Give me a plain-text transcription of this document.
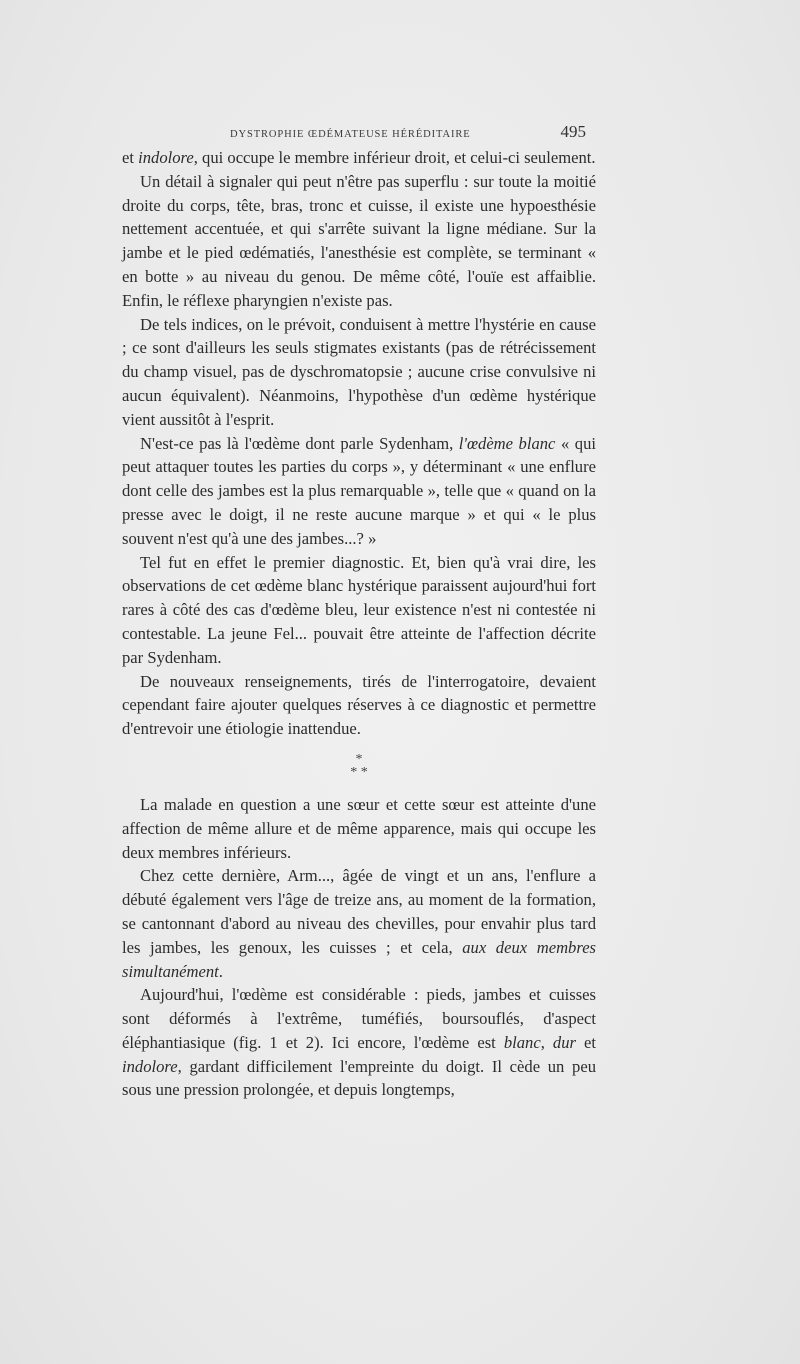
DYSTROPHIE ŒDÉMATEUSE HÉRÉDITAIRE	495

et indolore, qui occupe le membre inférieur droit, et celui-ci seulement.

Un détail à signaler qui peut n'être pas superflu : sur toute la moitié droite du corps, tête, bras, tronc et cuisse, il existe une hypoesthésie nettement accentuée, et qui s'arrête suivant la ligne médiane. Sur la jambe et le pied œdématiés, l'anesthésie est complète, se terminant « en botte » au niveau du genou. De même côté, l'ouïe est affaiblie. Enfin, le réflexe pharyngien n'existe pas.

De tels indices, on le prévoit, conduisent à mettre l'hystérie en cause ; ce sont d'ailleurs les seuls stigmates existants (pas de rétrécissement du champ visuel, pas de dyschromatopsie ; aucune crise convulsive ni aucun équivalent). Néanmoins, l'hypothèse d'un œdème hystérique vient aussitôt à l'esprit.

N'est-ce pas là l'œdème dont parle Sydenham, l'œdème blanc « qui peut attaquer toutes les parties du corps », y déterminant « une enflure dont celle des jambes est la plus remarquable », telle que « quand on la presse avec le doigt, il ne reste aucune marque » et qui « le plus souvent n'est qu'à une des jambes...? »

Tel fut en effet le premier diagnostic. Et, bien qu'à vrai dire, les observations de cet œdème blanc hystérique paraissent aujourd'hui fort rares à côté des cas d'œdème bleu, leur existence n'est ni contestée ni contestable. La jeune Fel... pouvait être atteinte de l'affection décrite par Sydenham.

De nouveaux renseignements, tirés de l'interrogatoire, devaient cependant faire ajouter quelques réserves à ce diagnostic et permettre d'entrevoir une étiologie inattendue.

*
* *

La malade en question a une sœur et cette sœur est atteinte d'une affection de même allure et de même apparence, mais qui occupe les deux membres inférieurs.

Chez cette dernière, Arm..., âgée de vingt et un ans, l'enflure a débuté également vers l'âge de treize ans, au moment de la formation, se cantonnant d'abord au niveau des chevilles, pour envahir plus tard les jambes, les genoux, les cuisses ; et cela, aux deux membres simultanément.

Aujourd'hui, l'œdème est considérable : pieds, jambes et cuisses sont déformés à l'extrême, tuméfiés, boursouflés, d'aspect éléphantiasique (fig. 1 et 2). Ici encore, l'œdème est blanc, dur et indolore, gardant difficilement l'empreinte du doigt. Il cède un peu sous une pression prolongée, et depuis longtemps,
